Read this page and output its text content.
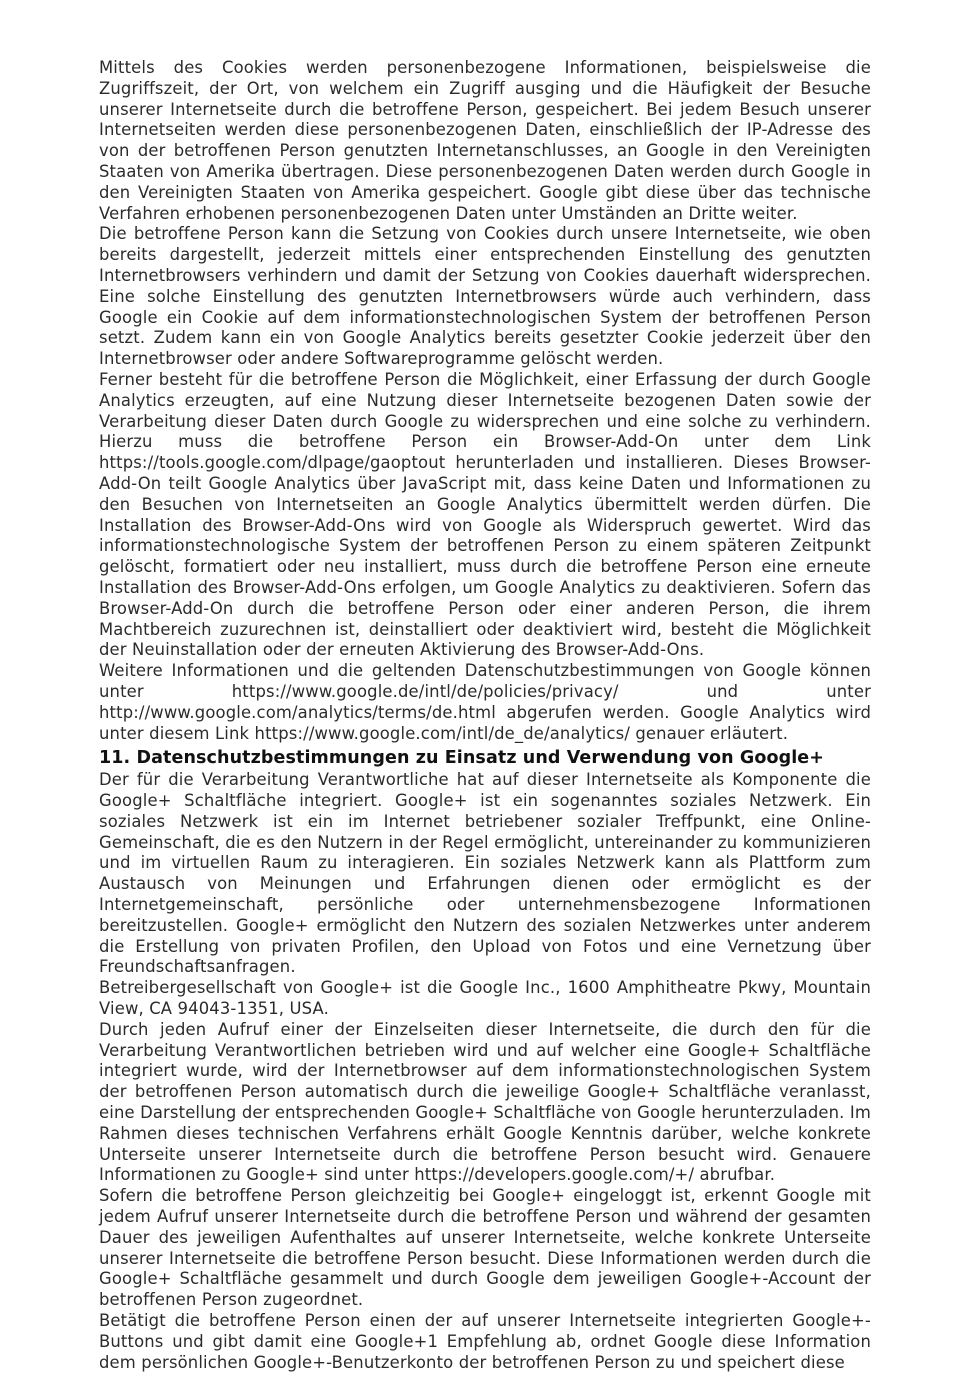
Mittels des Cookies werden personenbezogene Informationen, beispielsweise die Zugriffszeit, der Ort, von welchem ein Zugriff ausging und die Häufigkeit der Besuche unserer Internetseite durch die betroffene Person, gespeichert. Bei jedem Besuch unserer Internetseiten werden diese personenbezogenen Daten, einschließlich der IP-Adresse des von der betroffenen Person genutzten Internetanschlusses, an Google in den Vereinigten Staaten von Amerika übertragen. Diese personenbezogenen Daten werden durch Google in den Vereinigten Staaten von Amerika gespeichert. Google gibt diese über das technische Verfahren erhobenen personenbezogenen Daten unter Umständen an Dritte weiter.

Die betroffene Person kann die Setzung von Cookies durch unsere Internetseite, wie oben bereits dargestellt, jederzeit mittels einer entsprechenden Einstellung des genutzten Internetbrowsers verhindern und damit der Setzung von Cookies dauerhaft widersprechen. Eine solche Einstellung des genutzten Internetbrowsers würde auch verhindern, dass Google ein Cookie auf dem informationstechnologischen System der betroffenen Person setzt. Zudem kann ein von Google Analytics bereits gesetzter Cookie jederzeit über den Internetbrowser oder andere Softwareprogramme gelöscht werden.

Ferner besteht für die betroffene Person die Möglichkeit, einer Erfassung der durch Google Analytics erzeugten, auf eine Nutzung dieser Internetseite bezogenen Daten sowie der Verarbeitung dieser Daten durch Google zu widersprechen und eine solche zu verhindern. Hierzu muss die betroffene Person ein Browser-Add-On unter dem Link https://tools.google.com/dlpage/gaoptout herunterladen und installieren. Dieses Browser-Add-On teilt Google Analytics über JavaScript mit, dass keine Daten und Informationen zu den Besuchen von Internetseiten an Google Analytics übermittelt werden dürfen. Die Installation des Browser-Add-Ons wird von Google als Widerspruch gewertet. Wird das informationstechnologische System der betroffenen Person zu einem späteren Zeitpunkt gelöscht, formatiert oder neu installiert, muss durch die betroffene Person eine erneute Installation des Browser-Add-Ons erfolgen, um Google Analytics zu deaktivieren. Sofern das Browser-Add-On durch die betroffene Person oder einer anderen Person, die ihrem Machtbereich zuzurechnen ist, deinstalliert oder deaktiviert wird, besteht die Möglichkeit der Neuinstallation oder der erneuten Aktivierung des Browser-Add-Ons.

Weitere Informationen und die geltenden Datenschutzbestimmungen von Google können unter https://www.google.de/intl/de/policies/privacy/ und unter http://www.google.com/analytics/terms/de.html abgerufen werden. Google Analytics wird unter diesem Link https://www.google.com/intl/de_de/analytics/ genauer erläutert.

11. Datenschutzbestimmungen zu Einsatz und Verwendung von Google+

Der für die Verarbeitung Verantwortliche hat auf dieser Internetseite als Komponente die Google+ Schaltfläche integriert. Google+ ist ein sogenanntes soziales Netzwerk. Ein soziales Netzwerk ist ein im Internet betriebener sozialer Treffpunkt, eine Online-Gemeinschaft, die es den Nutzern in der Regel ermöglicht, untereinander zu kommunizieren und im virtuellen Raum zu interagieren. Ein soziales Netzwerk kann als Plattform zum Austausch von Meinungen und Erfahrungen dienen oder ermöglicht es der Internetgemeinschaft, persönliche oder unternehmensbezogene Informationen bereitzustellen. Google+ ermöglicht den Nutzern des sozialen Netzwerkes unter anderem die Erstellung von privaten Profilen, den Upload von Fotos und eine Vernetzung über Freundschaftsanfragen.

Betreibergesellschaft von Google+ ist die Google Inc., 1600 Amphitheatre Pkwy, Mountain View, CA 94043-1351, USA.

Durch jeden Aufruf einer der Einzelseiten dieser Internetseite, die durch den für die Verarbeitung Verantwortlichen betrieben wird und auf welcher eine Google+ Schaltfläche integriert wurde, wird der Internetbrowser auf dem informationstechnologischen System der betroffenen Person automatisch durch die jeweilige Google+ Schaltfläche veranlasst, eine Darstellung der entsprechenden Google+ Schaltfläche von Google herunterzuladen. Im Rahmen dieses technischen Verfahrens erhält Google Kenntnis darüber, welche konkrete Unterseite unserer Internetseite durch die betroffene Person besucht wird. Genauere Informationen zu Google+ sind unter https://developers.google.com/+/ abrufbar.

Sofern die betroffene Person gleichzeitig bei Google+ eingeloggt ist, erkennt Google mit jedem Aufruf unserer Internetseite durch die betroffene Person und während der gesamten Dauer des jeweiligen Aufenthaltes auf unserer Internetseite, welche konkrete Unterseite unserer Internetseite die betroffene Person besucht. Diese Informationen werden durch die Google+ Schaltfläche gesammelt und durch Google dem jeweiligen Google+-Account der betroffenen Person zugeordnet.

Betätigt die betroffene Person einen der auf unserer Internetseite integrierten Google+-Buttons und gibt damit eine Google+1 Empfehlung ab, ordnet Google diese Information dem persönlichen Google+-Benutzerkonto der betroffenen Person zu und speichert diese
